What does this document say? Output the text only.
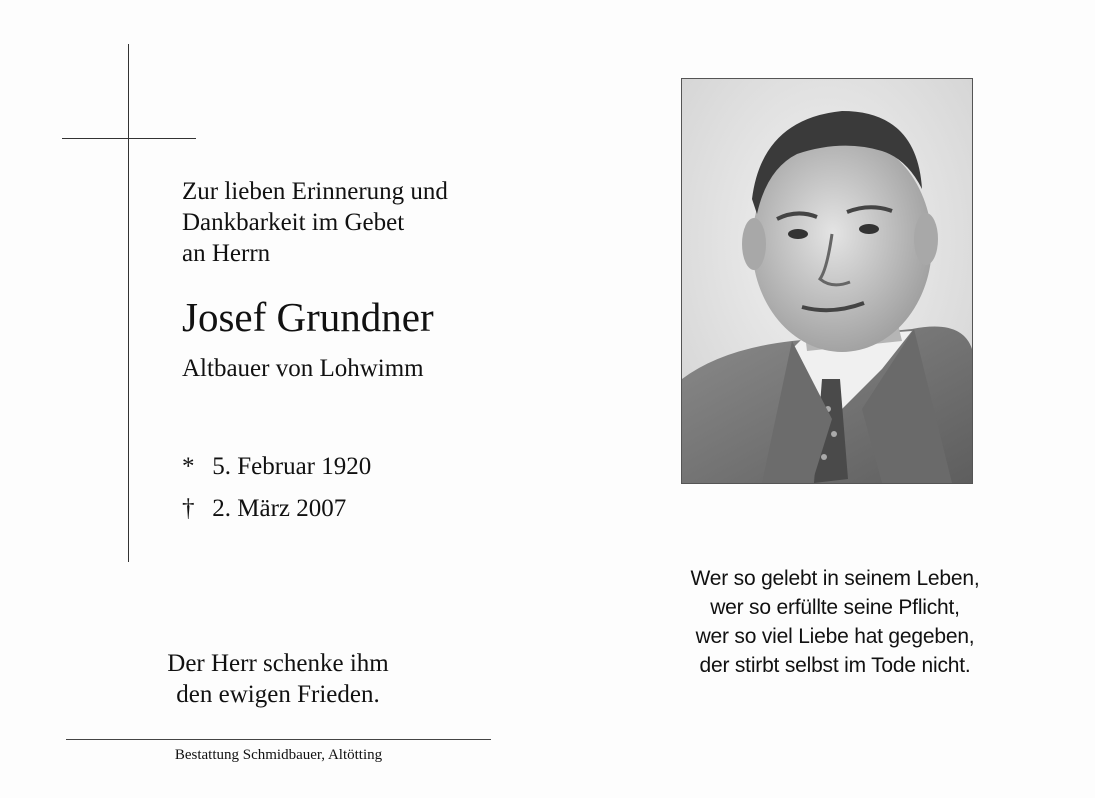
Zur lieben Erinnerung und
Dankbarkeit im Gebet
an Herrn
Josef Grundner
Altbauer von Lohwimm
* 5. Februar 1920
† 2. März 2007
Der Herr schenke ihm
den ewigen Frieden.
Bestattung Schmidbauer, Altötting
Wer so gelebt in seinem Leben,
wer so erfüllte seine Pflicht,
wer so viel Liebe hat gegeben,
der stirbt selbst im Tode nicht.
